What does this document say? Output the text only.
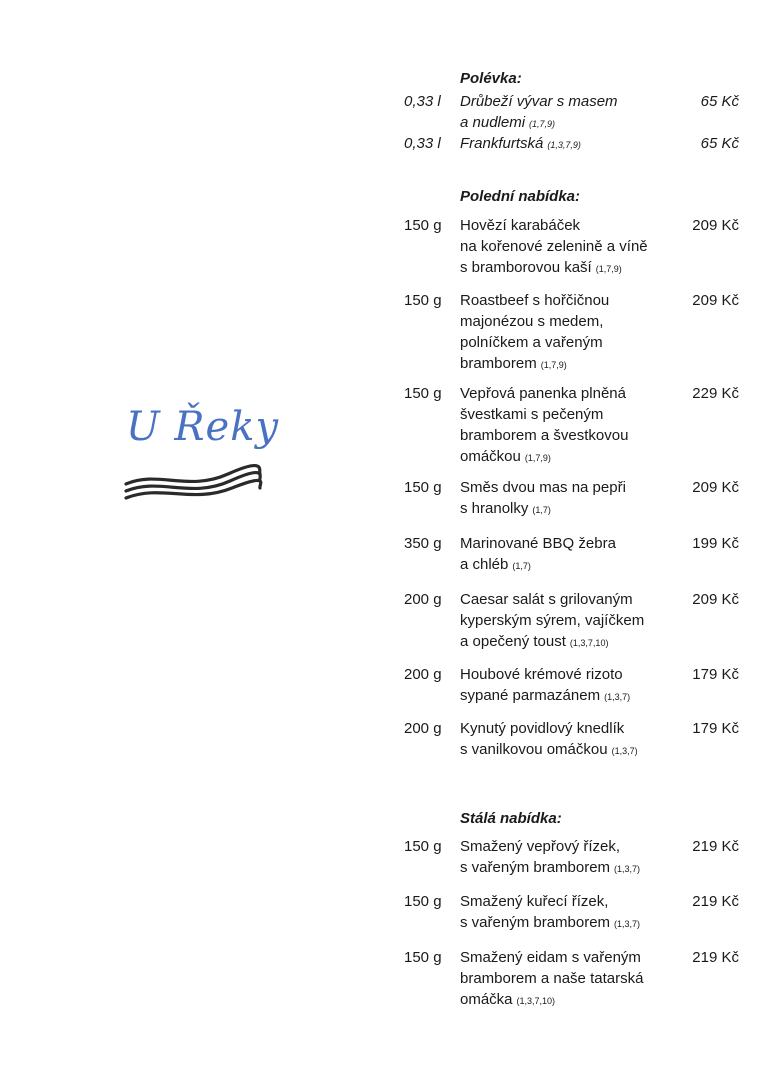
U Řeky
Polévka:
0,33 l	Drůbeží vývar s masem
a nudlemi (1,7,9)
65 Kč
0,33 l	Frankfurtská (1,3,7,9)	65 Kč
Polední nabídka:
150 g Hovězí karabáček
na kořenové zelenině a víně
s bramborovou kaší (1,7,9)
209 Kč
150 g Roastbeef s hořčičnou
majonézou s medem,
polníčkem a vařeným
bramborem (1,7,9)
209 Kč
150 g Vepřová panenka plněná
švestkami s pečeným
bramborem a švestkovou
omáčkou (1,7,9)
229 Kč
150 g Směs dvou mas na pepři
s hranolky (1,7)
209 Kč
350 g Marinované BBQ žebra
a chléb (1,7)
199 Kč
200 g Caesar salát s grilovaným
kyperským sýrem, vajíčkem
a opečený toust (1,3,7,10)
209 Kč
200 g Houbové krémové rizoto
sypané parmazánem (1,3,7)
179 Kč
200 g Kynutý povidlový knedlík
s vanilkovou omáčkou (1,3,7)
179 Kč
Stálá nabídka:
150 g Smažený vepřový řízek,
s vařeným bramborem (1,3,7)
219 Kč
150 g Smažený kuřecí řízek,
s vařeným bramborem (1,3,7)
219 Kč
150 g Smažený eidam s vařeným
bramborem a naše tatarská
omáčka (1,3,7,10)
219 Kč
